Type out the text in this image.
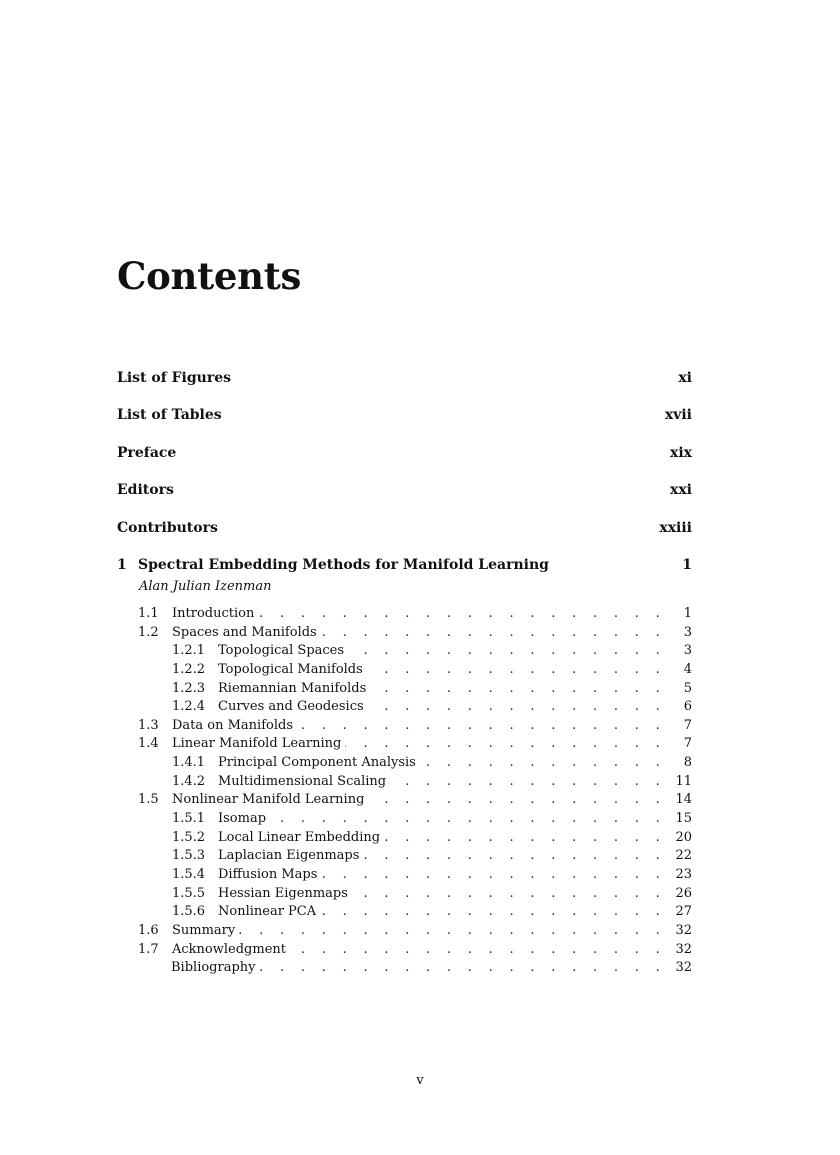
Contents
List of Figures	xi
List of Tables	xvii
Preface	xix
Editors	xxi
Contributors	xxiii
1 Spectral Embedding Methods for Manifold Learning	1
Alan Julian Izenman
1.1	Introduction . . .	1
1.2	Spaces and Manifolds . . .	3
1.2.1 Topological Spaces . . .	3
1.2.2 Topological Manifolds . . .	4
1.2.3 Riemannian Manifolds . . .	5
1.2.4 Curves and Geodesics . . .	6
1.3	Data on Manifolds . . .	7
1.4	Linear Manifold Learning . . .	7
1.4.1 Principal Component Analysis . . .	8
1.4.2 Multidimensional Scaling . . .	11
1.5	Nonlinear Manifold Learning . . .	14
1.5.1 Isomap . . .	15
1.5.2 Local Linear Embedding . . .	20
1.5.3 Laplacian Eigenmaps . . .	22
1.5.4 Diffusion Maps . . .	23
1.5.5 Hessian Eigenmaps . . .	26
1.5.6 Nonlinear PCA . . .	27
1.6	Summary . . .	32
1.7	Acknowledgment . . .	32
Bibliography . . .	32
v
